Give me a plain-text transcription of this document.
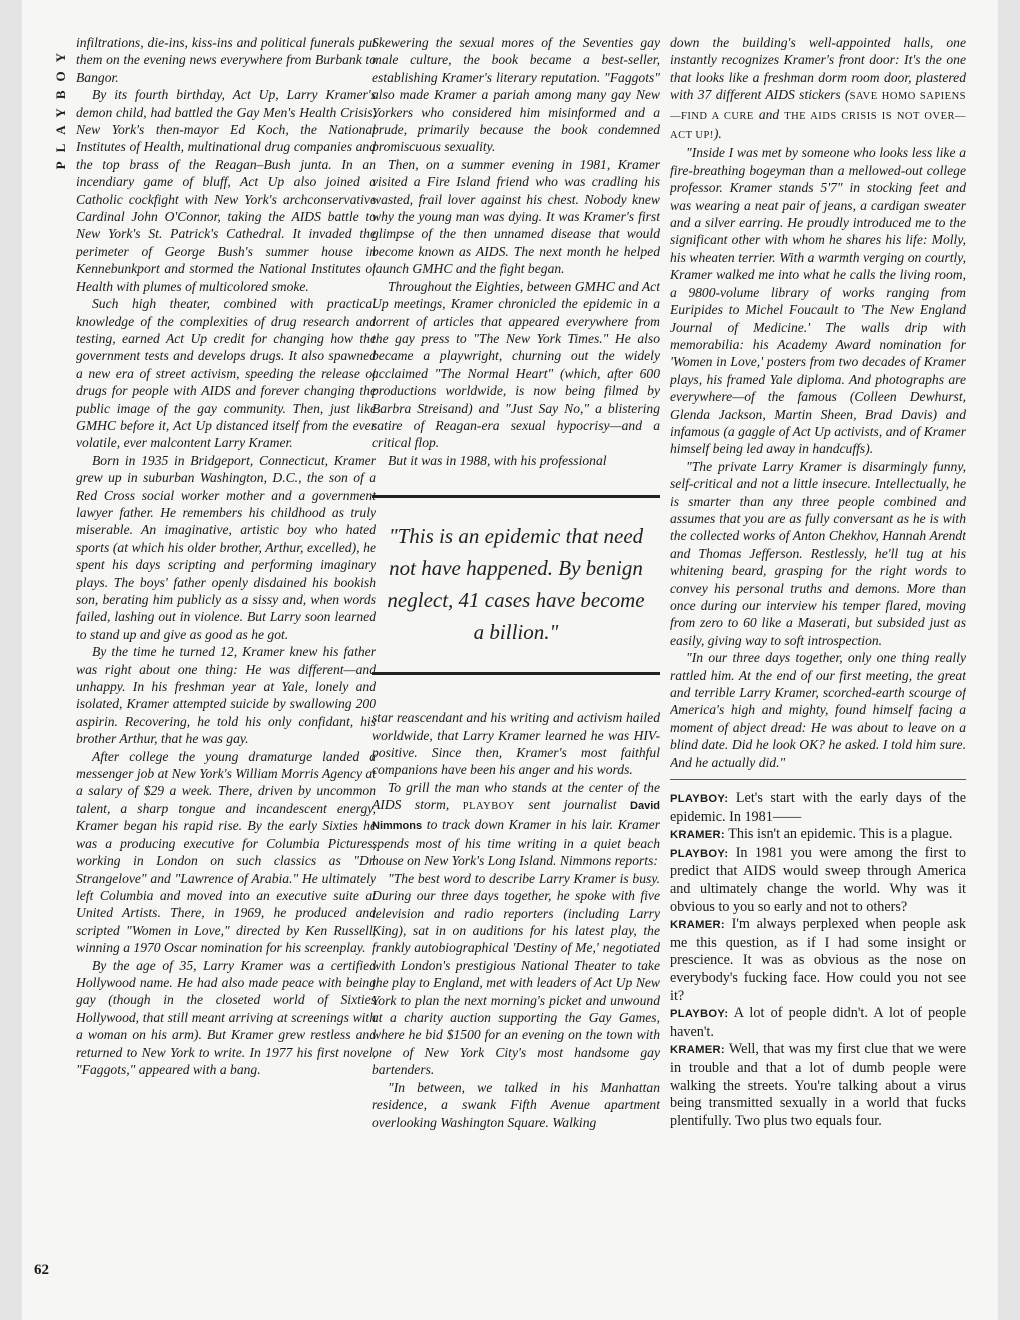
PLAYBOY
62

infiltrations, die-ins, kiss-ins and political funerals put them on the evening news everywhere from Burbank to Bangor.

By its fourth birthday, Act Up, Larry Kramer's demon child, had battled the Gay Men's Health Crisis, New York's then-mayor Ed Koch, the National Institutes of Health, multinational drug companies and the top brass of the Reagan–Bush junta. In an incendiary game of bluff, Act Up also joined a Catholic cockfight with New York's archconservative Cardinal John O'Connor, taking the AIDS battle to New York's St. Patrick's Cathedral. It invaded the perimeter of George Bush's summer house in Kennebunkport and stormed the National Institutes of Health with plumes of multicolored smoke.

Such high theater, combined with practical knowledge of the complexities of drug research and testing, earned Act Up credit for changing how the government tests and develops drugs. It also spawned a new era of street activism, speeding the release of drugs for people with AIDS and forever changing the public image of the gay community. Then, just like GMHC before it, Act Up distanced itself from the ever volatile, ever malcontent Larry Kramer.

Born in 1935 in Bridgeport, Connecticut, Kramer grew up in suburban Washington, D.C., the son of a Red Cross social worker mother and a government lawyer father. He remembers his childhood as truly miserable. An imaginative, artistic boy who hated sports (at which his older brother, Arthur, excelled), he spent his days scripting and performing imaginary plays. The boys' father openly disdained his bookish son, berating him publicly as a sissy and, when words failed, lashing out in violence. But Larry soon learned to stand up and give as good as he got.

By the time he turned 12, Kramer knew his father was right about one thing: He was different—and unhappy. In his freshman year at Yale, lonely and isolated, Kramer attempted suicide by swallowing 200 aspirin. Recovering, he told his only confidant, his brother Arthur, that he was gay.

After college the young dramaturge landed a messenger job at New York's William Morris Agency at a salary of $29 a week. There, driven by uncommon talent, a sharp tongue and incandescent energy, Kramer began his rapid rise. By the early Sixties he was a producing executive for Columbia Pictures, working in London on such classics as "Dr. Strangelove" and "Lawrence of Arabia." He ultimately left Columbia and moved into an executive suite at United Artists. There, in 1969, he produced and scripted "Women in Love," directed by Ken Russell, winning a 1970 Oscar nomination for his screenplay.

By the age of 35, Larry Kramer was a certified Hollywood name. He had also made peace with being gay (though in the closeted world of Sixties Hollywood, that still meant arriving at screenings with a woman on his arm). But Kramer grew restless and returned to New York to write. In 1977 his first novel, "Faggots," appeared with a bang.

Skewering the sexual mores of the Seventies gay male culture, the book became a best-seller, establishing Kramer's literary reputation. "Faggots" also made Kramer a pariah among many gay New Yorkers who considered him misinformed and a prude, primarily because the book condemned promiscuous sexuality.

Then, on a summer evening in 1981, Kramer visited a Fire Island friend who was cradling his wasted, frail lover against his chest. Nobody knew why the young man was dying. It was Kramer's first glimpse of the then unnamed disease that would become known as AIDS. The next month he helped launch GMHC and the fight began.

Throughout the Eighties, between GMHC and Act Up meetings, Kramer chronicled the epidemic in a torrent of articles that appeared everywhere from the gay press to "The New York Times." He also became a playwright, churning out the widely acclaimed "The Normal Heart" (which, after 600 productions worldwide, is now being filmed by Barbra Streisand) and "Just Say No," a blistering satire of Reagan-era sexual hypocrisy—and a critical flop.

But it was in 1988, with his professional

"This is an epidemic that need not have happened. By benign neglect, 41 cases have become a billion."

star reascendant and his writing and activism hailed worldwide, that Larry Kramer learned he was HIV-positive. Since then, Kramer's most faithful companions have been his anger and his words.

To grill the man who stands at the center of the AIDS storm, PLAYBOY sent journalist David Nimmons to track down Kramer in his lair. Kramer spends most of his time writing in a quiet beach house on New York's Long Island. Nimmons reports:

"The best word to describe Larry Kramer is busy. During our three days together, he spoke with five television and radio reporters (including Larry King), sat in on auditions for his latest play, the frankly autobiographical 'Destiny of Me,' negotiated with London's prestigious National Theater to take the play to England, met with leaders of Act Up New York to plan the next morning's picket and unwound at a charity auction supporting the Gay Games, where he bid $1500 for an evening on the town with one of New York City's most handsome gay bartenders.

"In between, we talked in his Manhattan residence, a swank Fifth Avenue apartment overlooking Washington Square. Walking

down the building's well-appointed halls, one instantly recognizes Kramer's front door: It's the one that looks like a freshman dorm room door, plastered with 37 different AIDS stickers (SAVE HOMO SAPIENS—FIND A CURE and THE AIDS CRISIS IS NOT OVER—ACT UP!).

"Inside I was met by someone who looks less like a fire-breathing bogeyman than a mellowed-out college professor. Kramer stands 5'7" in stocking feet and was wearing a neat pair of jeans, a cardigan sweater and a silver earring. He proudly introduced me to the significant other with whom he shares his life: Molly, his wheaten terrier. With a warmth verging on courtly, Kramer walked me into what he calls the living room, a 9800-volume library of works ranging from Euripides to Michel Foucault to 'The New England Journal of Medicine.' The walls drip with memorabilia: his Academy Award nomination for 'Women in Love,' posters from two decades of Kramer plays, his framed Yale diploma. And photographs are everywhere—of the famous (Colleen Dewhurst, Glenda Jackson, Martin Sheen, Brad Davis) and infamous (a gaggle of Act Up activists, and of Kramer himself being led away in handcuffs).

"The private Larry Kramer is disarmingly funny, self-critical and not a little insecure. Intellectually, he is smarter than any three people combined and assumes that you are as fully conversant as he is with the collected works of Anton Chekhov, Hannah Arendt and Thomas Jefferson. Restlessly, he'll tug at his whitening beard, grasping for the right words to convey his personal truths and demons. More than once during our interview his temper flared, moving from zero to 60 like a Maserati, but subsided just as easily, giving way to soft introspection.

"In our three days together, only one thing really rattled him. At the end of our first meeting, the great and terrible Larry Kramer, scorched-earth scourge of America's high and mighty, found himself facing a moment of abject dread: He was about to leave on a blind date. Did he look OK? he asked. I told him sure. And he actually did."

PLAYBOY: Let's start with the early days of the epidemic. In 1981——

KRAMER: This isn't an epidemic. This is a plague.

PLAYBOY: In 1981 you were among the first to predict that AIDS would sweep through America and ultimately change the world. Why was it obvious to you so early and not to others?

KRAMER: I'm always perplexed when people ask me this question, as if I had some insight or prescience. It was as obvious as the nose on everybody's fucking face. How could you not see it?

PLAYBOY: A lot of people didn't. A lot of people haven't.

KRAMER: Well, that was my first clue that we were in trouble and that a lot of dumb people were walking the streets. You're talking about a virus being transmitted sexually in a world that fucks plentifully. Two plus two equals four.
